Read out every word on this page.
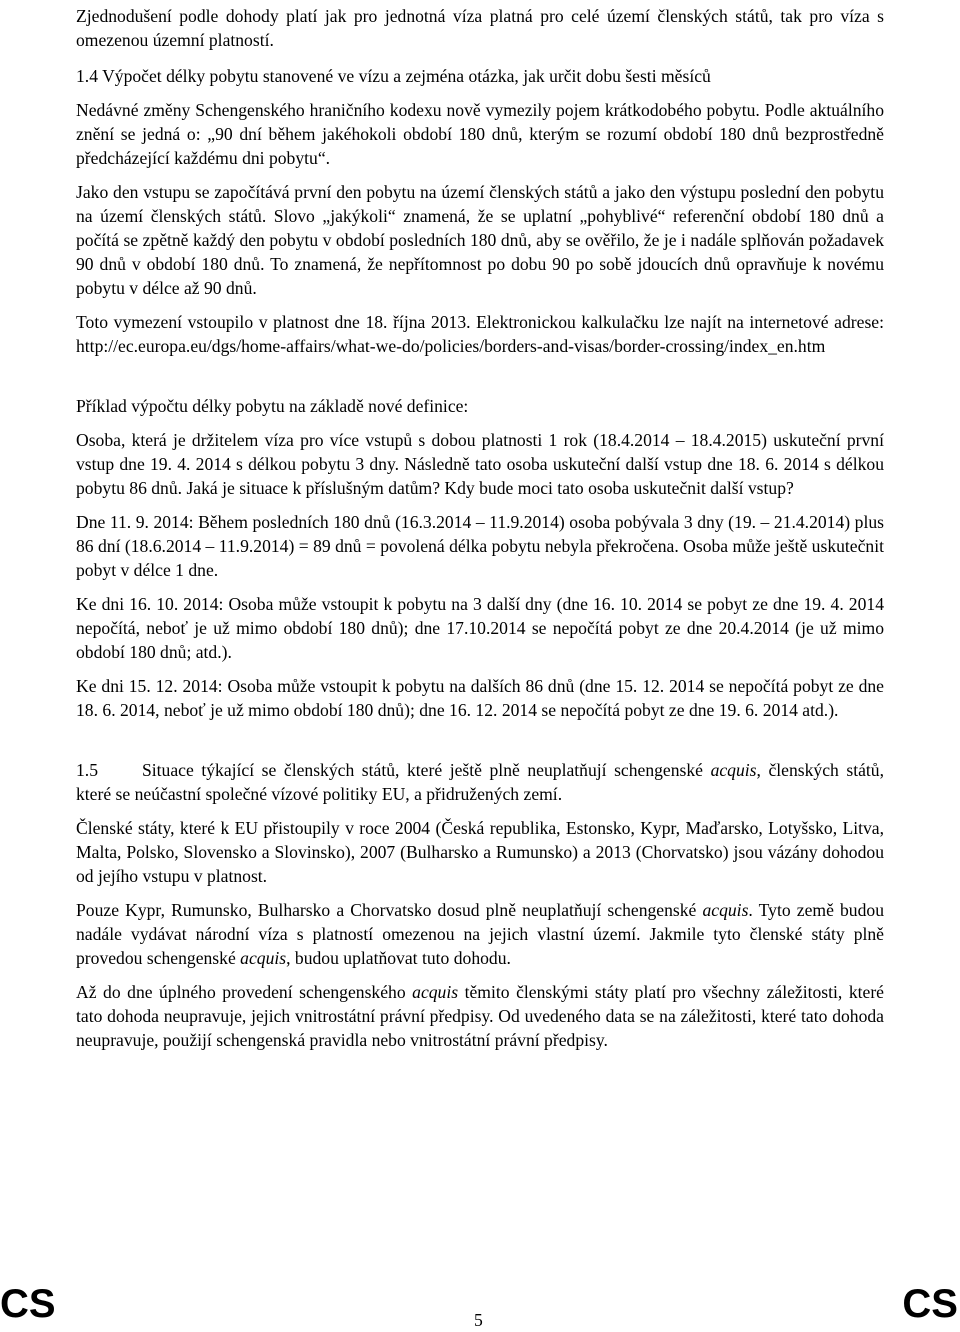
Zjednodušení podle dohody platí jak pro jednotná víza platná pro celé území členských států, tak pro víza s omezenou územní platností.

1.4 Výpočet délky pobytu stanovené ve vízu a zejména otázka, jak určit dobu šesti měsíců

Nedávné změny Schengenského hraničního kodexu nově vymezily pojem krátkodobého pobytu. Podle aktuálního znění se jedná o: „90 dní během jakéhokoli období 180 dnů, kterým se rozumí období 180 dnů bezprostředně předcházející každému dni pobytu“.

Jako den vstupu se započítává první den pobytu na území členských států a jako den výstupu poslední den pobytu na území členských států. Slovo „jakýkoli“ znamená, že se uplatní „pohyblivé“ referenční období 180 dnů a počítá se zpětně každý den pobytu v období posledních 180 dnů, aby se ověřilo, že je i nadále splňován požadavek 90 dnů v období 180 dnů. To znamená, že nepřítomnost po dobu 90 po sobě jdoucích dnů opravňuje k novému pobytu v délce až 90 dnů.

Toto vymezení vstoupilo v platnost dne 18. října 2013. Elektronickou kalkulačku lze najít na internetové adrese: http://ec.europa.eu/dgs/home-affairs/what-we-do/policies/borders-and-visas/border-crossing/index_en.htm

Příklad výpočtu délky pobytu na základě nové definice:

Osoba, která je držitelem víza pro více vstupů s dobou platnosti 1 rok (18.4.2014 – 18.4.2015) uskuteční první vstup dne 19. 4. 2014 s délkou pobytu 3 dny. Následně tato osoba uskuteční další vstup dne 18. 6. 2014 s délkou pobytu 86 dnů. Jaká je situace k příslušným datům? Kdy bude moci tato osoba uskutečnit další vstup?

Dne 11. 9. 2014: Během posledních 180 dnů (16.3.2014 – 11.9.2014) osoba pobývala 3 dny (19. – 21.4.2014) plus 86 dní (18.6.2014 – 11.9.2014) = 89 dnů = povolená délka pobytu nebyla překročena. Osoba může ještě uskutečnit pobyt v délce 1 dne.

Ke dni 16. 10. 2014: Osoba může vstoupit k pobytu na 3 další dny (dne 16. 10. 2014 se pobyt ze dne 19. 4. 2014 nepočítá, neboť je už mimo období 180 dnů); dne 17.10.2014 se nepočítá pobyt ze dne 20.4.2014 (je už mimo období 180 dnů; atd.).

Ke dni 15. 12. 2014: Osoba může vstoupit k pobytu na dalších 86 dnů (dne 15. 12. 2014 se nepočítá pobyt ze dne 18. 6. 2014, neboť je už mimo období 180 dnů); dne 16. 12. 2014 se nepočítá pobyt ze dne 19. 6. 2014 atd.).

1.5	Situace týkající se členských států, které ještě plně neuplatňují schengenské acquis, členských států, které se neúčastní společné vízové politiky EU, a přidružených zemí.

Členské státy, které k EU přistoupily v roce 2004 (Česká republika, Estonsko, Kypr, Maďarsko, Lotyšsko, Litva, Malta, Polsko, Slovensko a Slovinsko), 2007 (Bulharsko a Rumunsko) a 2013 (Chorvatsko) jsou vázány dohodou od jejího vstupu v platnost.

Pouze Kypr, Rumunsko, Bulharsko a Chorvatsko dosud plně neuplatňují schengenské acquis. Tyto země budou nadále vydávat národní víza s platností omezenou na jejich vlastní území. Jakmile tyto členské státy plně provedou schengenské acquis, budou uplatňovat tuto dohodu.

Až do dne úplného provedení schengenského acquis těmito členskými státy platí pro všechny záležitosti, které tato dohoda neupravuje, jejich vnitrostátní právní předpisy. Od uvedeného data se na záležitosti, které tato dohoda neupravuje, použijí schengenská pravidla nebo vnitrostátní právní předpisy.

CS	5	CS
